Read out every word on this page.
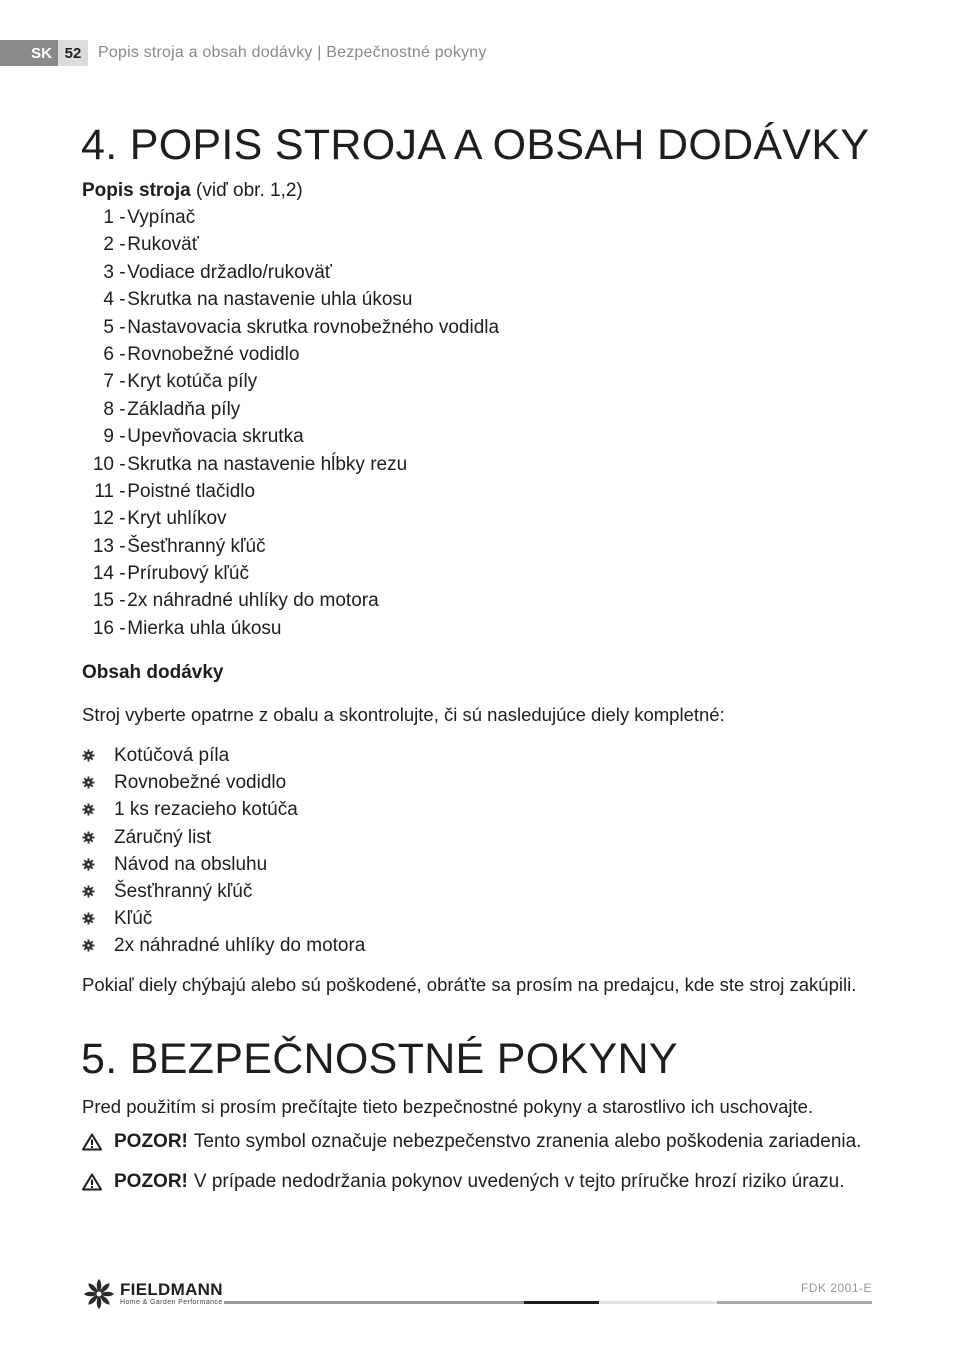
SK 52	Popis stroja a obsah dodávky | Bezpečnostné pokyny
4. POPIS STROJA A OBSAH DODÁVKY
Popis stroja (viď obr. 1,2)
1 -
Vypínač
2 -
Rukoväť
3 -
Vodiace držadlo/rukoväť
4 -
Skrutka na nastavenie uhla úkosu
5 -
Nastavovacia skrutka rovnobežného vodidla
6 -
Rovnobežné vodidlo
7 -
Kryt kotúča píly
8 -
Základňa píly
9 -
Upevňovacia skrutka
10 -
Skrutka na nastavenie hĺbky rezu
11 -
Poistné tlačidlo
12 -
Kryt uhlíkov
13 -
Šesťhranný kľúč
14 -
Prírubový kľúč
15 -
2x náhradné uhlíky do motora
16 -
Mierka uhla úkosu
Obsah dodávky
Stroj vyberte opatrne z obalu a skontrolujte, či sú nasledujúce diely kompletné:
Kotúčová píla
Rovnobežné vodidlo
1 ks rezacieho kotúča
Záručný list
Návod na obsluhu
Šesťhranný kľúč
Kľúč
2x náhradné uhlíky do motora
Pokiaľ diely chýbajú alebo sú poškodené, obráťte sa prosím na predajcu, kde ste stroj zakúpili.
5. BEZPEČNOSTNÉ POKYNY
Pred použitím si prosím prečítajte tieto bezpečnostné pokyny a starostlivo ich uschovajte.
POZOR! Tento symbol označuje nebezpečenstvo zranenia alebo poškodenia zariadenia.
POZOR! V prípade nedodržania pokynov uvedených v tejto príručke hrozí riziko úrazu.
FIELDMANN
Home & Garden Performance
FDK 2001-E
